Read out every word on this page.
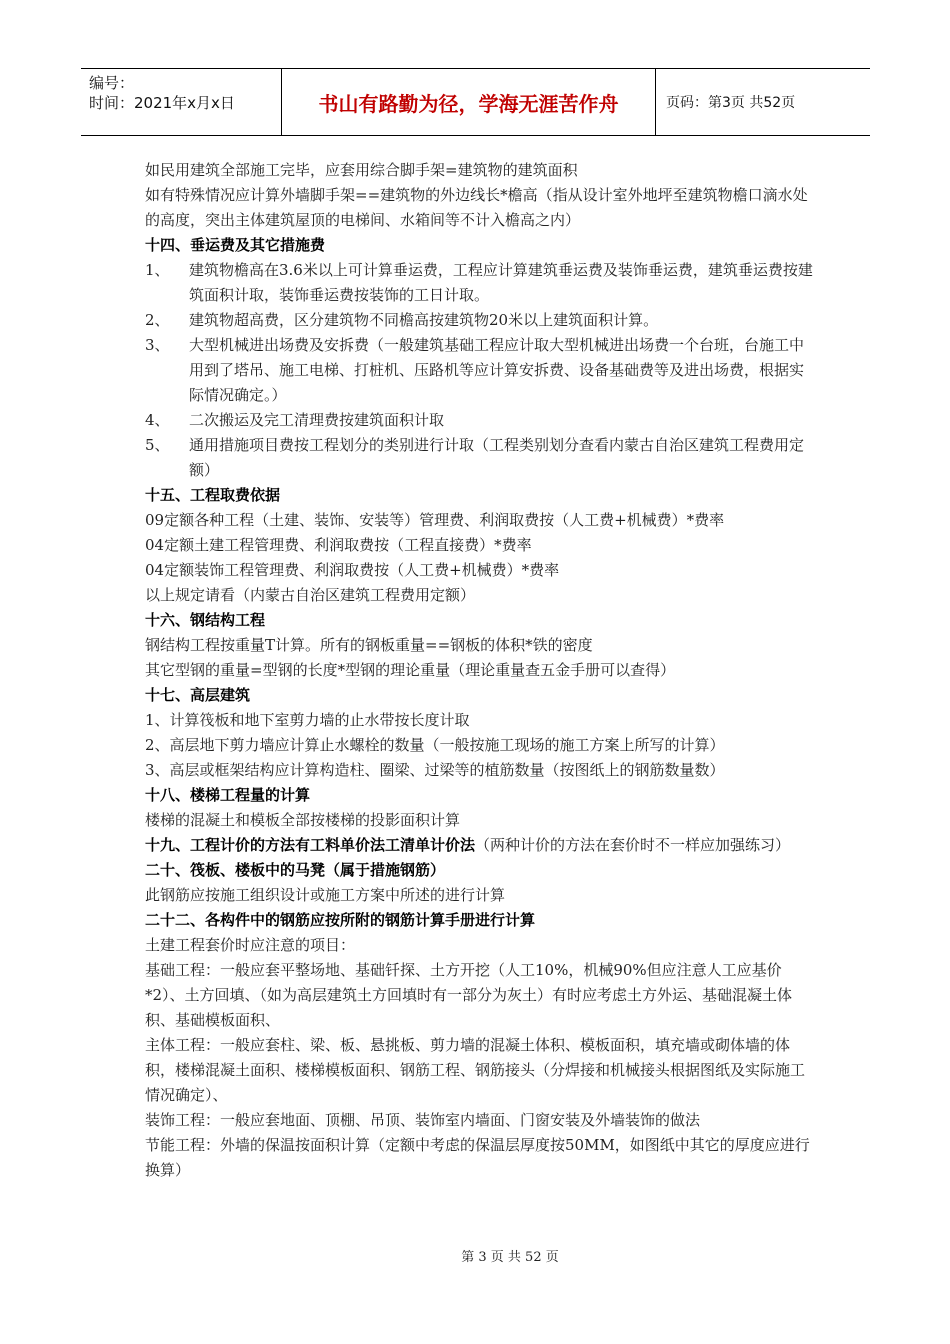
编号：
时间：2021年x月x日	书山有路勤为径，学海无涯苦作舟	页码：第3页 共52页

如民用建筑全部施工完毕，应套用综合脚手架=建筑物的建筑面积

如有特殊情况应计算外墙脚手架==建筑物的外边线长*檐高（指从设计室外地坪至建筑物檐口滴水处的高度，突出主体建筑屋顶的电梯间、水箱间等不计入檐高之内）

十四、垂运费及其它措施费

1、	建筑物檐高在3.6米以上可计算垂运费，工程应计算建筑垂运费及装饰垂运费，建筑垂运费按建筑面积计取，装饰垂运费按装饰的工日计取。
2、	建筑物超高费，区分建筑物不同檐高按建筑物20米以上建筑面积计算。
3、	大型机械进出场费及安拆费（一般建筑基础工程应计取大型机械进出场费一个台班，台施工中用到了塔吊、施工电梯、打桩机、压路机等应计算安拆费、设备基础费等及进出场费，根据实际情况确定。）
4、	二次搬运及完工清理费按建筑面积计取
5、	通用措施项目费按工程划分的类别进行计取（工程类别划分查看内蒙古自治区建筑工程费用定额）

十五、工程取费依据

09定额各种工程（土建、装饰、安装等）管理费、利润取费按（人工费+机械费）*费率

04定额土建工程管理费、利润取费按（工程直接费）*费率

04定额装饰工程管理费、利润取费按（人工费+机械费）*费率

以上规定请看（内蒙古自治区建筑工程费用定额）

十六、钢结构工程

钢结构工程按重量T计算。所有的钢板重量==钢板的体积*铁的密度

其它型钢的重量=型钢的长度*型钢的理论重量（理论重量查五金手册可以查得）

十七、高层建筑

1、计算筏板和地下室剪力墙的止水带按长度计取

2、高层地下剪力墙应计算止水螺栓的数量（一般按施工现场的施工方案上所写的计算）

3、高层或框架结构应计算构造柱、圈梁、过梁等的植筋数量（按图纸上的钢筋数量数）

十八、楼梯工程量的计算

楼梯的混凝土和模板全部按楼梯的投影面积计算

十九、工程计价的方法有工料单价法工清单计价法（两种计价的方法在套价时不一样应加强练习）

二十、筏板、楼板中的马凳（属于措施钢筋）

此钢筋应按施工组织设计或施工方案中所述的进行计算

二十二、各构件中的钢筋应按所附的钢筋计算手册进行计算

土建工程套价时应注意的项目：

基础工程：一般应套平整场地、基础钎探、土方开挖（人工10%，机械90%但应注意人工应基价*2）、土方回填、（如为高层建筑土方回填时有一部分为灰土）有时应考虑土方外运、基础混凝土体积、基础模板面积、

主体工程：一般应套柱、梁、板、悬挑板、剪力墙的混凝土体积、模板面积，填充墙或砌体墙的体积，楼梯混凝土面积、楼梯模板面积、钢筋工程、钢筋接头（分焊接和机械接头根据图纸及实际施工情况确定）、

装饰工程：一般应套地面、顶棚、吊顶、装饰室内墙面、门窗安装及外墙装饰的做法

节能工程：外墙的保温按面积计算（定额中考虑的保温层厚度按50MM，如图纸中其它的厚度应进行换算）

第 3 页 共 52 页
